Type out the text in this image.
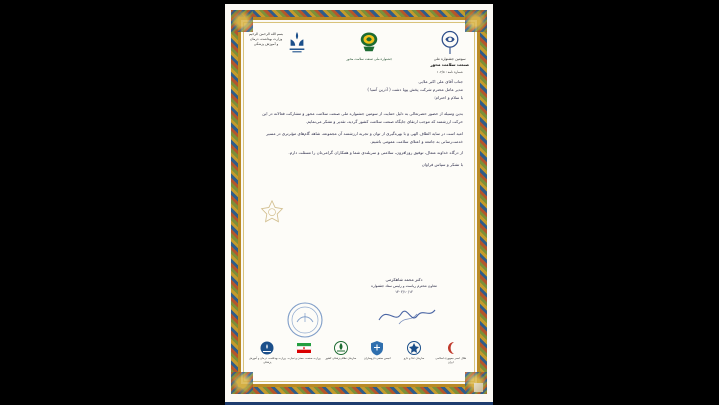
سومین جشنواره ملی
صنعت سلامت محور
شماره نامه : ۱۰۲/۵
جشنواره ملی صنعت سلامت محور
بسم الله الرحمن الرحیم
وزارت بهداشت، درمان
و آموزش پزشکی
جناب آقای علی اکبر ملایی
مدیر عامل محترم شرکت پخش پویا دشت ( آذرین آسیا )
با سلام و احترام؛
بدین وسیله از حضور حضرتعالی به دلیل حمایت از سومین جشنواره ملی صنعت سلامت محور و مشارکت فعالانه در این حرکت ارزشمند که موجب ارتقای جایگاه صنعت سلامت کشور گردید، تقدیر و تشکر می‌نمایم.
امید است در سایه الطاف الهی و با بهره‌گیری از توان و تجربه ارزشمند آن مجموعه، شاهد گام‌های مؤثرتری در مسیر خدمت‌رسانی به جامعه و اعتلای سلامت عمومی باشیم.
از درگاه خداوند متعال، توفیق روزافزون، سلامتی و سربلندی شما و همکاران گرامی‌تان را مسئلت دارم.
با تشکر و سپاس فراوان
دکتر محمد شاهکرمی
معاون محترم ریاست و رئیس ستاد جشنواره
۱۴۰۲/۱۰/۱۲
هلال احمر جمهوری اسلامی ایران
سازمان غذا و دارو
انجمن صنفی داروسازان
سازمان نظام پزشکی کشور
وزارت صنعت، معدن و تجارت
وزارت بهداشت، درمان و آموزش پزشکی
